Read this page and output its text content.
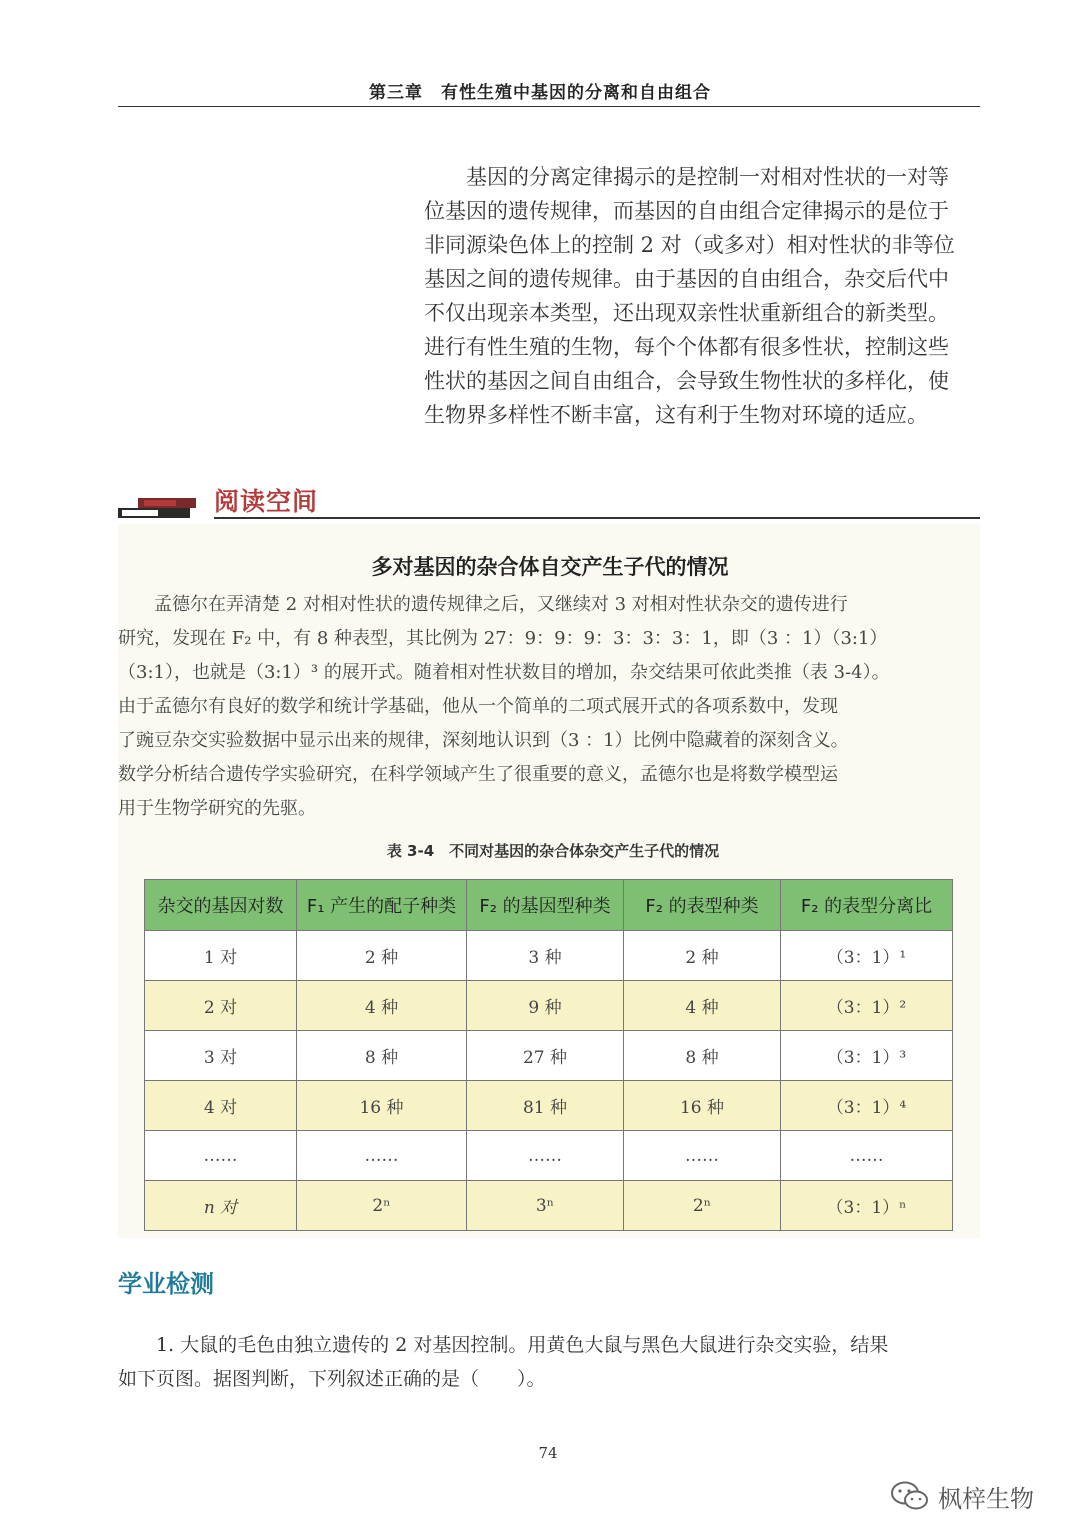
第三章　有性生殖中基因的分离和自由组合

基因的分离定律揭示的是控制一对相对性状的一对等
位基因的遗传规律，而基因的自由组合定律揭示的是位于
非同源染色体上的控制 2 对（或多对）相对性状的非等位
基因之间的遗传规律。由于基因的自由组合，杂交后代中
不仅出现亲本类型，还出现双亲性状重新组合的新类型。
进行有性生殖的生物，每个个体都有很多性状，控制这些
性状的基因之间自由组合，会导致生物性状的多样化，使
生物界多样性不断丰富，这有利于生物对环境的适应。

阅读空间
多对基因的杂合体自交产生子代的情况

　　孟德尔在弄清楚 2 对相对性状的遗传规律之后，又继续对 3 对相对性状杂交的遗传进行
研究，发现在 F₂ 中，有 8 种表型，其比例为 27：9：9：9：3：3：3：1，即（3 ：1）（3:1）
（3:1），也就是（3:1）³ 的展开式。随着相对性状数目的增加，杂交结果可依此类推（表 3-4）。
由于孟德尔有良好的数学和统计学基础，他从一个简单的二项式展开式的各项系数中，发现
了豌豆杂交实验数据中显示出来的规律，深刻地认识到（3 ：1）比例中隐藏着的深刻含义。
数学分析结合遗传学实验研究，在科学领域产生了很重要的意义，孟德尔也是将数学模型运
用于生物学研究的先驱。

表 3-4　不同对基因的杂合体杂交产生子代的情况
杂交的基因对数	F₁ 产生的配子种类	F₂ 的基因型种类	F₂ 的表型种类	F₂ 的表型分离比
1 对	2 种	3 种	2 种	（3：1）¹
2 对	4 种	9 种	4 种	（3：1）²
3 对	8 种	27 种	8 种	（3：1）³
4 对	16 种	81 种	16 种	（3：1）⁴
……	……	……	……	……
n 对	2ⁿ	3ⁿ	2ⁿ	（3：1）ⁿ
学业检测

　　1. 大鼠的毛色由独立遗传的 2 对基因控制。用黄色大鼠与黑色大鼠进行杂交实验，结果
如下页图。据图判断，下列叙述正确的是（　　）。

74
枫梓生物
